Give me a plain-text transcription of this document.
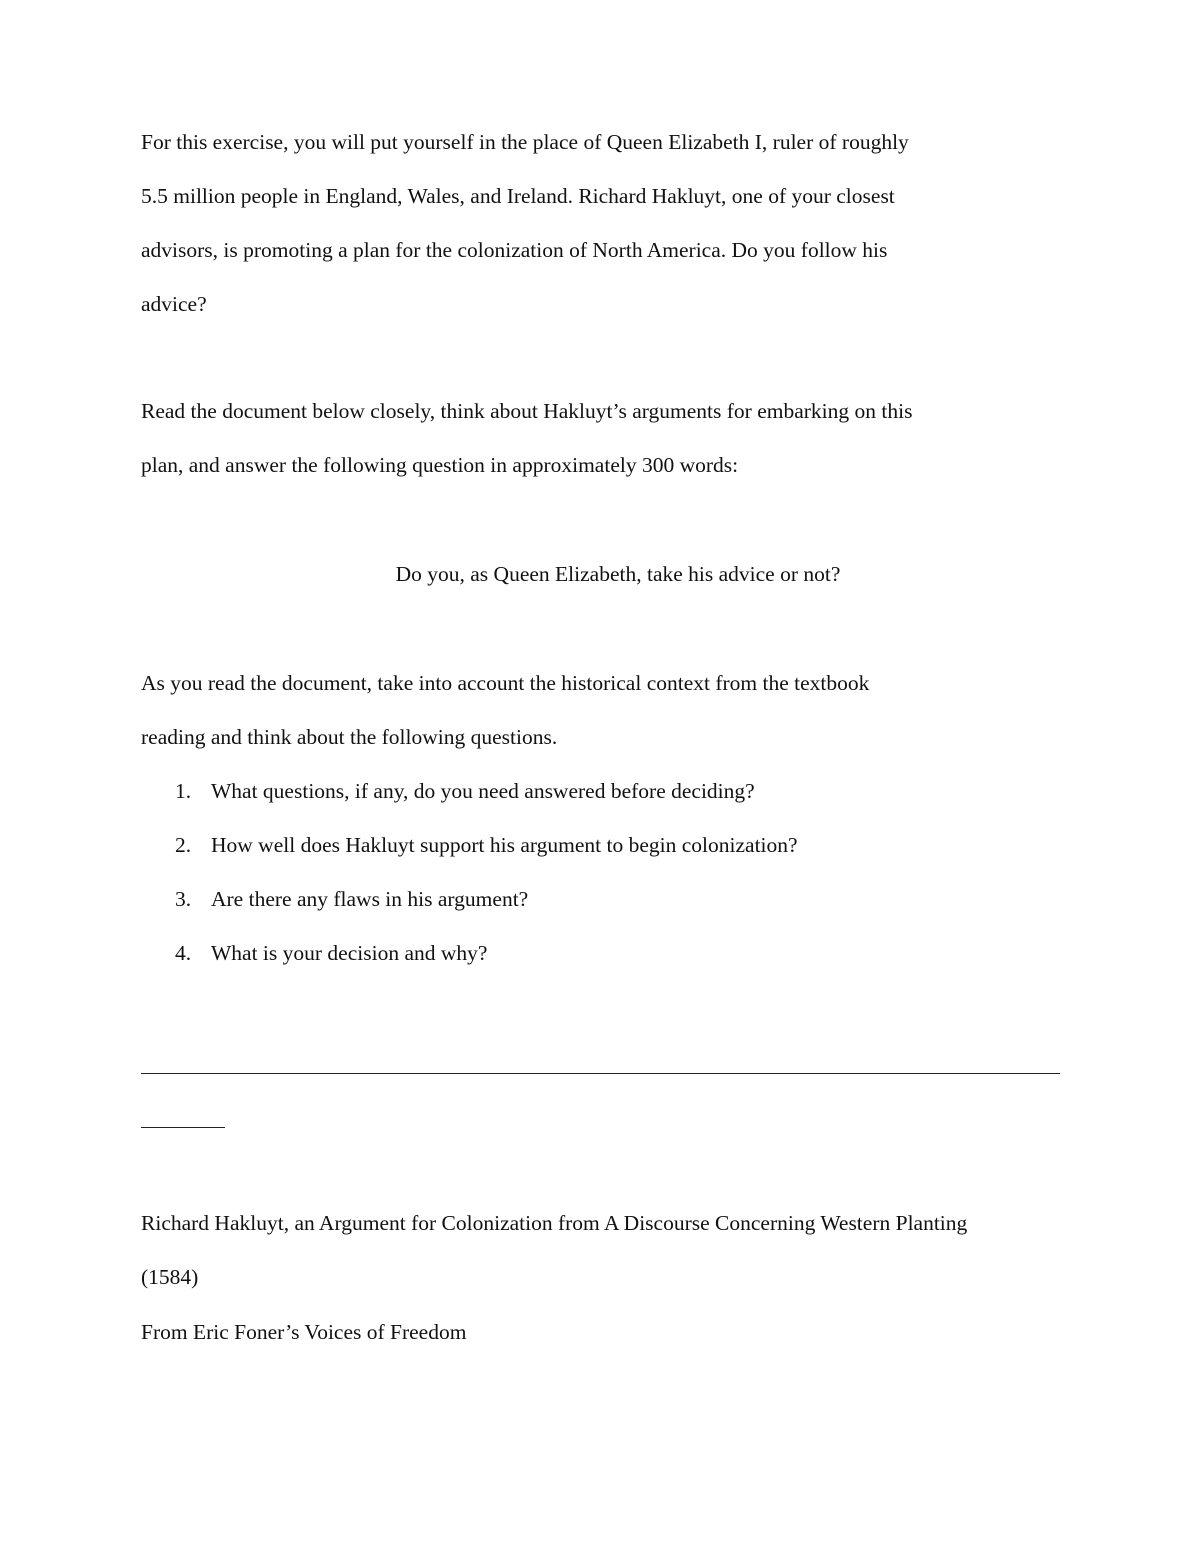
For this exercise, you will put yourself in the place of Queen Elizabeth I, ruler of roughly
5.5 million people in England, Wales, and Ireland. Richard Hakluyt, one of your closest
advisors, is promoting a plan for the colonization of North America. Do you follow his
advice?

Read the document below closely, think about Hakluyt’s arguments for embarking on this
plan, and answer the following question in approximately 300 words:

Do you, as Queen Elizabeth, take his advice or not?

As you read the document, take into account the historical context from the textbook
reading and think about the following questions.

1. What questions, if any, do you need answered before deciding?
2. How well does Hakluyt support his argument to begin colonization?
3. Are there any flaws in his argument?
4. What is your decision and why?

Richard Hakluyt, an Argument for Colonization from A Discourse Concerning Western Planting
(1584)

From Eric Foner’s Voices of Freedom
